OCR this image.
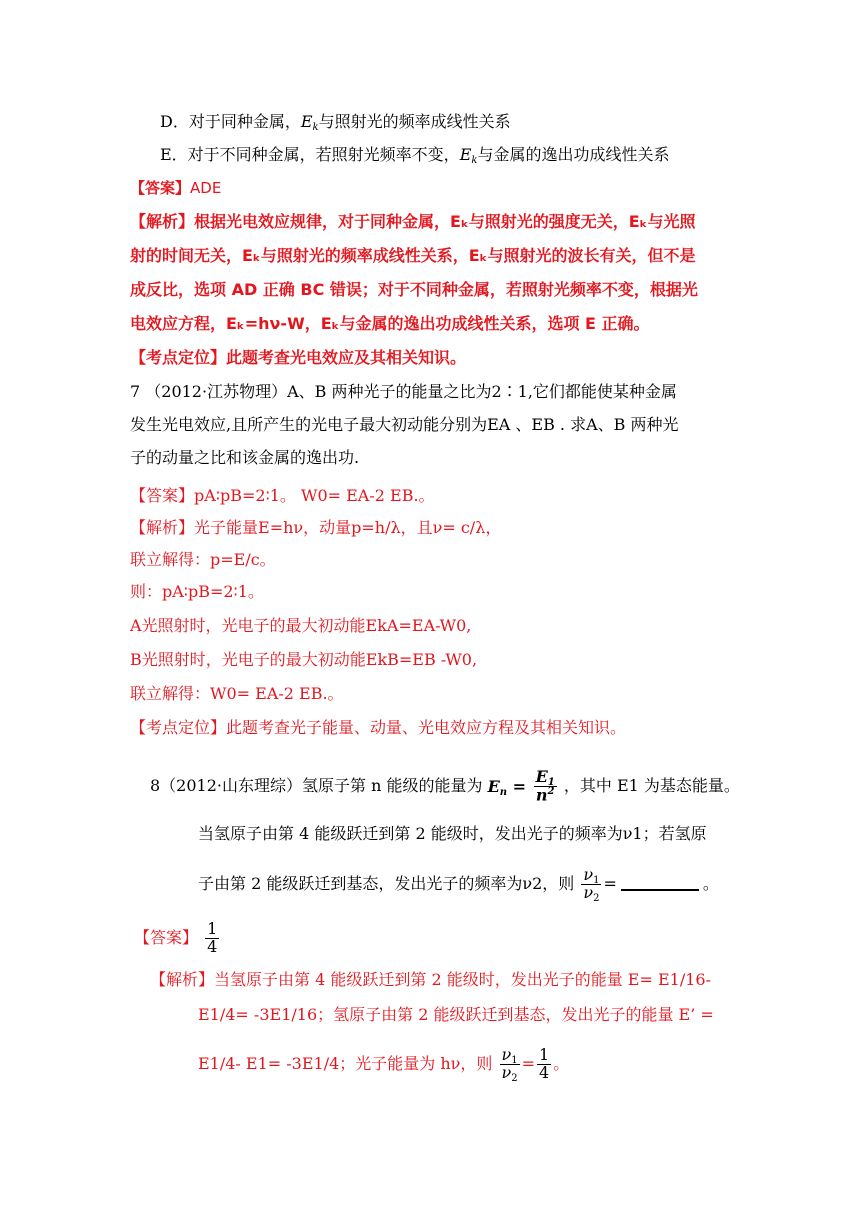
D．对于同种金属，$E_k$与照射光的频率成线性关系
E．对于不同种金属，若照射光频率不变，$E_k$与金属的逸出功成线性关系
【答案】ADE
【解析】根据光电效应规律，对于同种金属，Eₖ与照射光的强度无关，Eₖ与光照
射的时间无关，Eₖ与照射光的频率成线性关系，Eₖ与照射光的波长有关，但不是
成反比，选项 AD 正确 BC 错误；对于不同种金属，若照射光频率不变，根据光
电效应方程，Eₖ=hν-W，Eₖ与金属的逸出功成线性关系，选项 E 正确。
【考点定位】此题考查光电效应及其相关知识。
7 （2012·江苏物理）A、B 两种光子的能量之比为2∶1,它们都能使某种金属
发生光电效应,且所产生的光电子最大初动能分别为EA 、EB . 求A、B 两种光
子的动量之比和该金属的逸出功.
【答案】pA∶pB=2∶1。 W0= EA-2 EB.。
【解析】光子能量E=hν，动量p=h/λ，且ν= c/λ，
联立解得：p=E/c。
则：pA∶pB=2∶1。
A光照射时，光电子的最大初动能EkA=EA-W0,
B光照射时，光电子的最大初动能EkB=EB -W0,
联立解得：W0= EA-2 EB.。
【考点定位】此题考查光子能量、动量、光电效应方程及其相关知识。
8（2012·山东理综）氢原子第 n 能级的能量为 $E_n = \frac{E_1}{n^2}$ ，其中 E1 为基态能量。
当氢原子由第 4 能级跃迁到第 2 能级时，发出光子的频率为ν1；若氢原
子由第 2 能级跃迁到基态，发出光子的频率为ν2，则 $\frac{\nu_1}{\nu_2}$ =	。
【答案】 $\frac{1}{4}$
【解析】当氢原子由第 4 能级跃迁到第 2 能级时，发出光子的能量 E= E1/16-
E1/4= -3E1/16；氢原子由第 2 能级跃迁到基态，发出光子的能量 E’ =
E1/4- E1= -3E1/4；光子能量为 hν，则 $\frac{\nu_1}{\nu_2} = \frac{1}{4}$ 。
